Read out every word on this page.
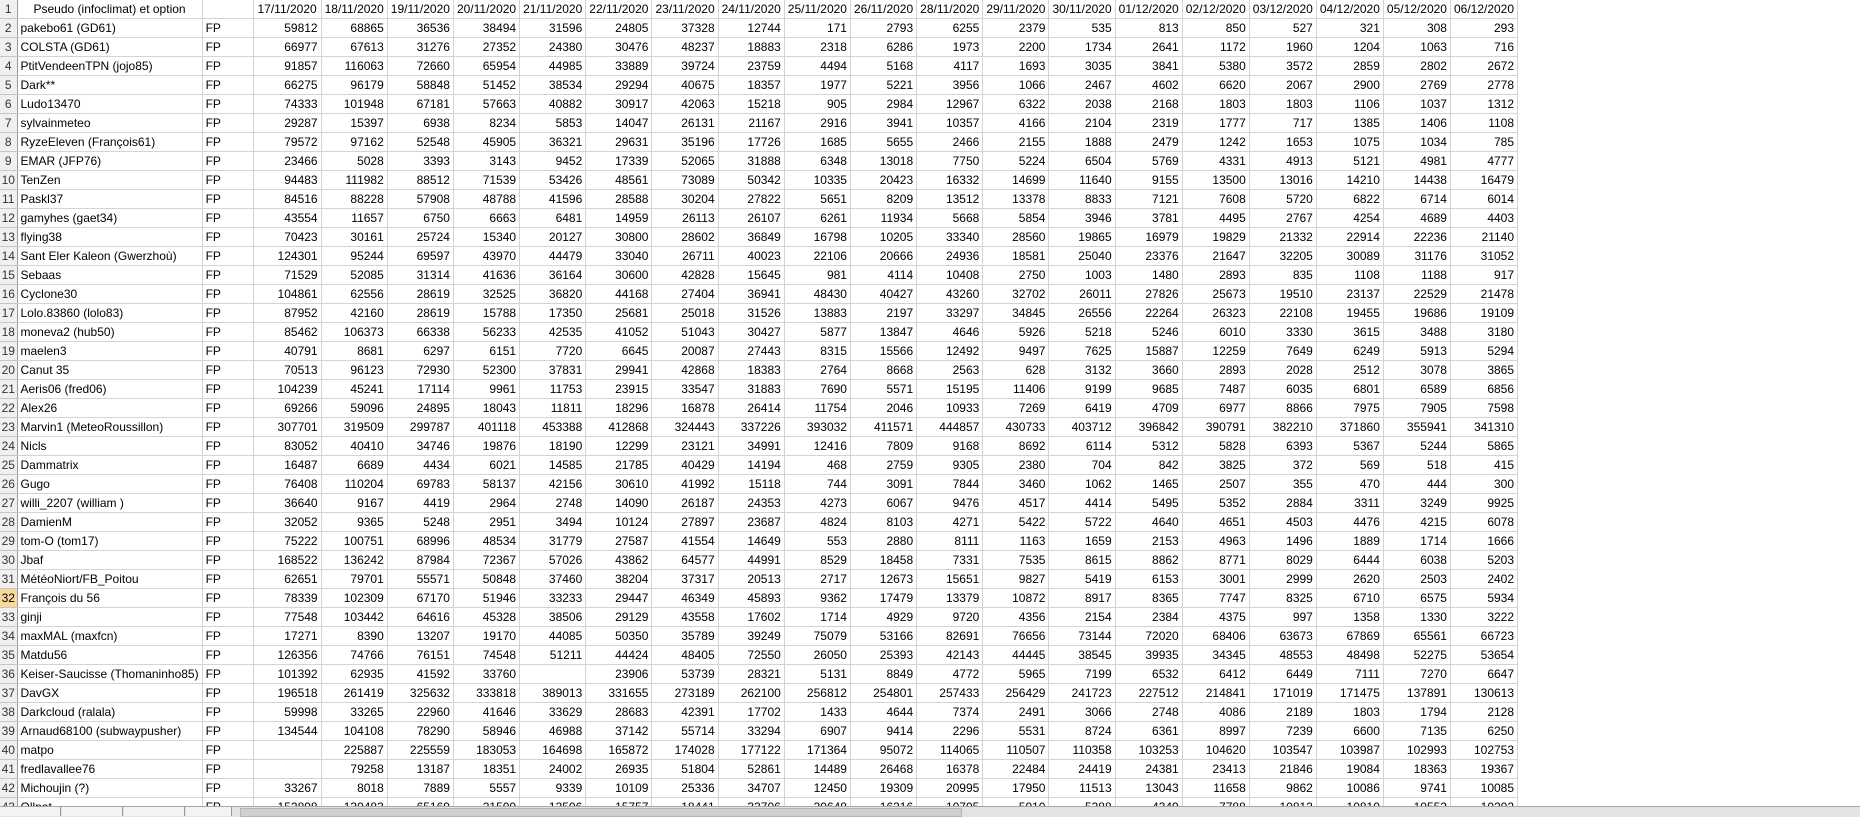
1	Pseudo (infoclimat) et option		17/11/2020	18/11/2020	19/11/2020	20/11/2020	21/11/2020	22/11/2020	23/11/2020	24/11/2020	25/11/2020	26/11/2020	28/11/2020	29/11/2020	30/11/2020	01/12/2020	02/12/2020	03/12/2020	04/12/2020	05/12/2020	06/12/2020
2	pakebo61 (GD61)	FP	59812	68865	36536	38494	31596	24805	37328	12744	171	2793	6255	2379	535	813	850	527	321	308	293
3	COLSTA (GD61)	FP	66977	67613	31276	27352	24380	30476	48237	18883	2318	6286	1973	2200	1734	2641	1172	1960	1204	1063	716
4	PtitVendeenTPN (jojo85)	FP	91857	116063	72660	65954	44985	33889	39724	23759	4494	5168	4117	1693	3035	3841	5380	3572	2859	2802	2672
5	Dark**	FP	66275	96179	58848	51452	38534	29294	40675	18357	1977	5221	3956	1066	2467	4602	6620	2067	2900	2769	2778
6	Ludo13470	FP	74333	101948	67181	57663	40882	30917	42063	15218	905	2984	12967	6322	2038	2168	1803	1803	1106	1037	1312
7	sylvainmeteo	FP	29287	15397	6938	8234	5853	14047	26131	21167	2916	3941	10357	4166	2104	2319	1777	717	1385	1406	1108
8	RyzeEleven (François61)	FP	79572	97162	52548	45905	36321	29631	35196	17726	1685	5655	2466	2155	1888	2479	1242	1653	1075	1034	785
9	EMAR (JFP76)	FP	23466	5028	3393	3143	9452	17339	52065	31888	6348	13018	7750	5224	6504	5769	4331	4913	5121	4981	4777
10	TenZen	FP	94483	111982	88512	71539	53426	48561	73089	50342	10335	20423	16332	14699	11640	9155	13500	13016	14210	14438	16479
11	Paskl37	FP	84516	88228	57908	48788	41596	28588	30204	27822	5651	8209	13512	13378	8833	7121	7608	5720	6822	6714	6014
12	gamyhes (gaet34)	FP	43554	11657	6750	6663	6481	14959	26113	26107	6261	11934	5668	5854	3946	3781	4495	2767	4254	4689	4403
13	flying38	FP	70423	30161	25724	15340	20127	30800	28602	36849	16798	10205	33340	28560	19865	16979	19829	21332	22914	22236	21140
14	Sant Eler Kaleon (Gwerzhoù)	FP	124301	95244	69597	43970	44479	33040	26711	40023	22106	20666	24936	18581	25040	23376	21647	32205	30089	31176	31052
15	Sebaas	FP	71529	52085	31314	41636	36164	30600	42828	15645	981	4114	10408	2750	1003	1480	2893	835	1108	1188	917
16	Cyclone30	FP	104861	62556	28619	32525	36820	44168	27404	36941	48430	40427	43260	32702	26011	27826	25673	19510	23137	22529	21478
17	Lolo.83860 (lolo83)	FP	87952	42160	28619	15788	17350	25681	25018	31526	13883	2197	33297	34845	26556	22264	26323	22108	19455	19686	19109
18	moneva2 (hub50)	FP	85462	106373	66338	56233	42535	41052	51043	30427	5877	13847	4646	5926	5218	5246	6010	3330	3615	3488	3180
19	maelen3	FP	40791	8681	6297	6151	7720	6645	20087	27443	8315	15566	12492	9497	7625	15887	12259	7649	6249	5913	5294
20	Canut 35	FP	70513	96123	72930	52300	37831	29941	42868	18383	2764	8668	2563	628	3132	3660	2893	2028	2512	3078	3865
21	Aeris06 (fred06)	FP	104239	45241	17114	9961	11753	23915	33547	31883	7690	5571	15195	11406	9199	9685	7487	6035	6801	6589	6856
22	Alex26	FP	69266	59096	24895	18043	11811	18296	16878	26414	11754	2046	10933	7269	6419	4709	6977	8866	7975	7905	7598
23	Marvin1 (MeteoRoussillon)	FP	307701	319509	299787	401118	453388	412868	324443	337226	393032	411571	444857	430733	403712	396842	390791	382210	371860	355941	341310
24	Nicls	FP	83052	40410	34746	19876	18190	12299	23121	34991	12416	7809	9168	8692	6114	5312	5828	6393	5367	5244	5865
25	Dammatrix	FP	16487	6689	4434	6021	14585	21785	40429	14194	468	2759	9305	2380	704	842	3825	372	569	518	415
26	Gugo	FP	76408	110204	69783	58137	42156	30610	41992	15118	744	3091	7844	3460	1062	1465	2507	355	470	444	300
27	willi_2207 (william )	FP	36640	9167	4419	2964	2748	14090	26187	24353	4273	6067	9476	4517	4414	5495	5352	2884	3311	3249	9925
28	DamienM	FP	32052	9365	5248	2951	3494	10124	27897	23687	4824	8103	4271	5422	5722	4640	4651	4503	4476	4215	6078
29	tom-O (tom17)	FP	75222	100751	68996	48534	31779	27587	41554	14649	553	2880	8111	1163	1659	2153	4963	1496	1889	1714	1666
30	Jbaf	FP	168522	136242	87984	72367	57026	43862	64577	44991	8529	18458	7331	7535	8615	8862	8771	8029	6444	6038	5203
31	MétéoNiort/FB_Poitou	FP	62651	79701	55571	50848	37460	38204	37317	20513	2717	12673	15651	9827	5419	6153	3001	2999	2620	2503	2402
32	François du 56	FP	78339	102309	67170	51946	33233	29447	46349	45893	9362	17479	13379	10872	8917	8365	7747	8325	6710	6575	5934
33	ginji	FP	77548	103442	64616	45328	38506	29129	43558	17602	1714	4929	9720	4356	2154	2384	4375	997	1358	1330	3222
34	maxMAL (maxfcn)	FP	17271	8390	13207	19170	44085	50350	35789	39249	75079	53166	82691	76656	73144	72020	68406	63673	67869	65561	66723
35	Matdu56	FP	126356	74766	76151	74548	51211	44424	48405	72550	26050	25393	42143	44445	38545	39935	34345	48553	48498	52275	53654
36	Keiser-Saucisse (Thomaninho85)	FP	101392	62935	41592	33760		23906	53739	28321	5131	8849	4772	5965	7199	6532	6412	6449	7111	7270	6647
37	DavGX	FP	196518	261419	325632	333818	389013	331655	273189	262100	256812	254801	257433	256429	241723	227512	214841	171019	171475	137891	130613
38	Darkcloud (ralala)	FP	59998	33265	22960	41646	33629	28683	42391	17702	1433	4644	7374	2491	3066	2748	4086	2189	1803	1794	2128
39	Arnaud68100 (subwaypusher)	FP	134544	104108	78290	58946	46988	37142	55714	33294	6907	9414	2296	5531	8724	6361	8997	7239	6600	7135	6250
40	matpo	FP		225887	225559	183053	164698	165872	174028	177122	171364	95072	114065	110507	110358	103253	104620	103547	103987	102993	102753
41	fredlavallee76	FP		79258	13187	18351	24002	26935	51804	52861	14489	26468	16378	22484	24419	24381	23413	21846	19084	18363	19367
42	Michoujin (?)	FP	33267	8018	7889	5557	9339	10109	25336	34707	12450	19309	20995	17950	11513	13043	11658	9862	10086	9741	10085
